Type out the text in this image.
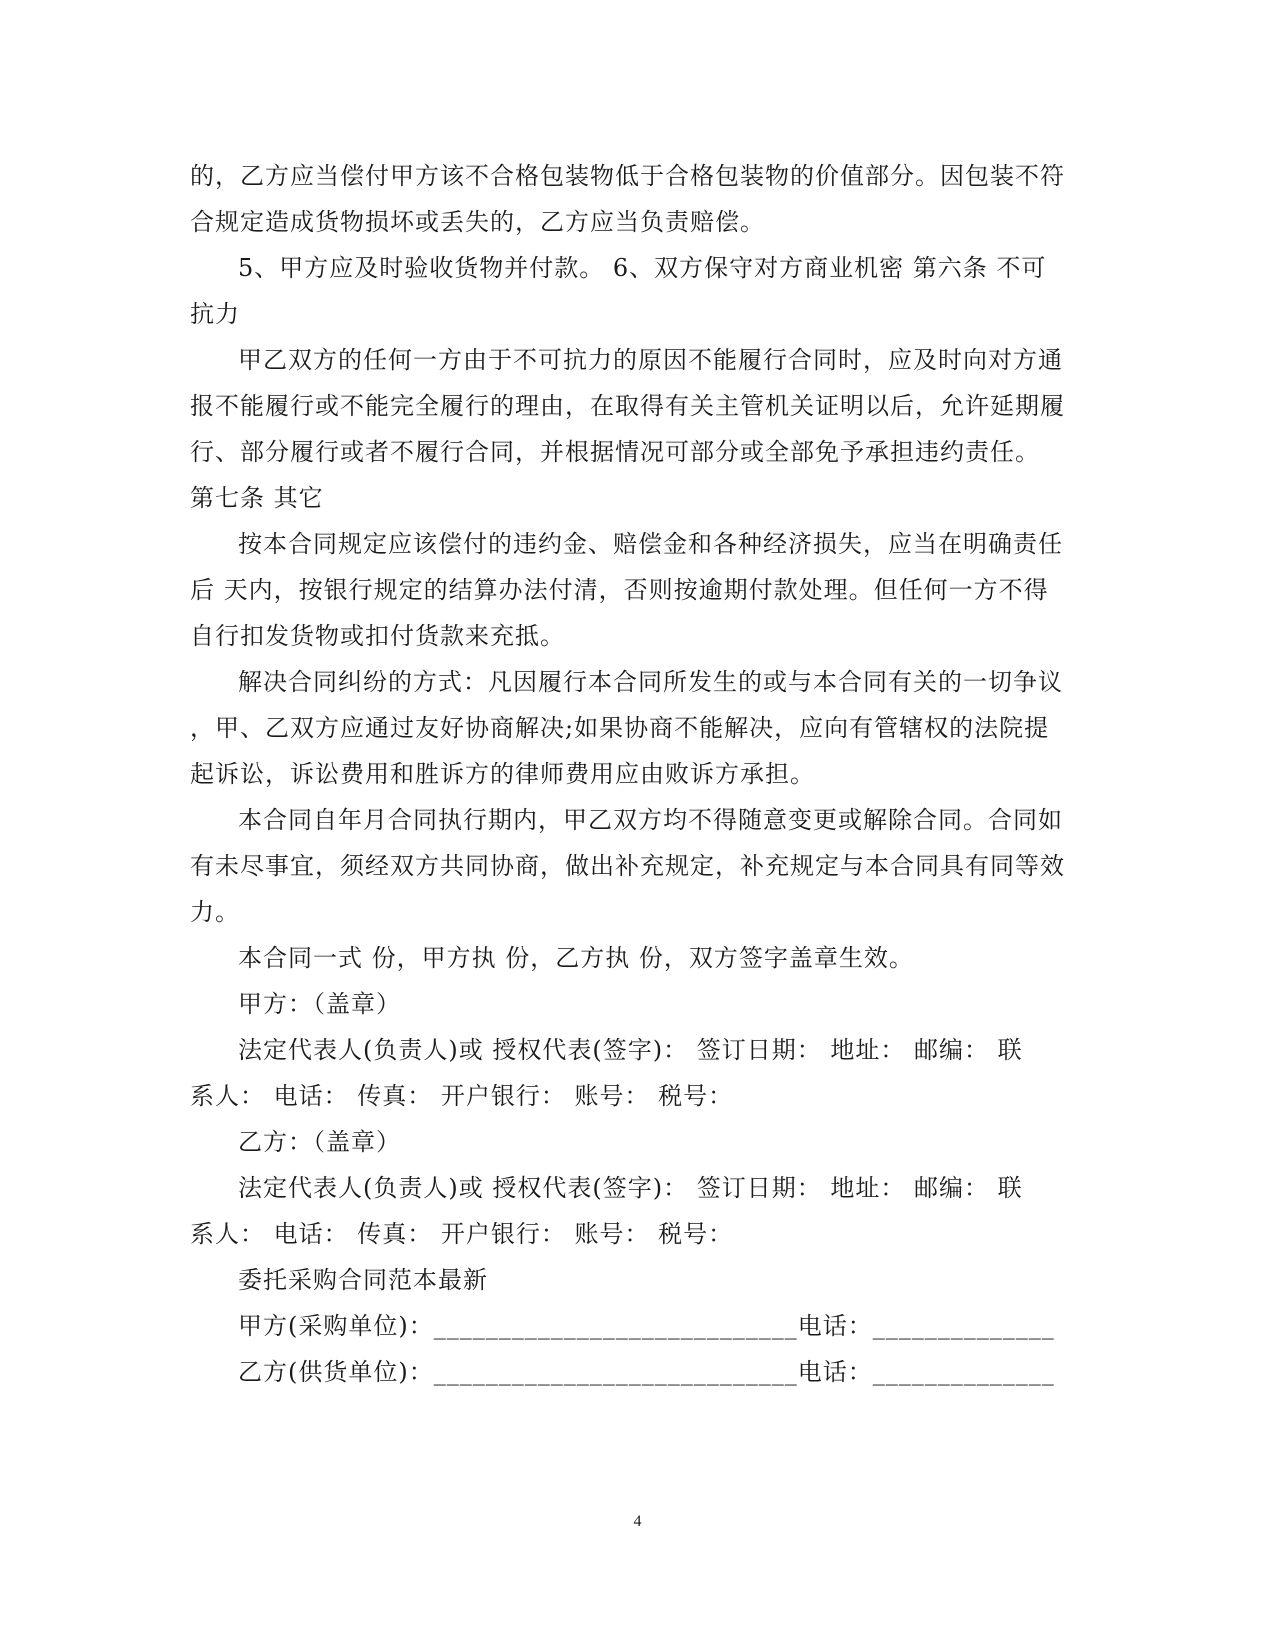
的，乙方应当偿付甲方该不合格包装物低于合格包装物的价值部分。因包装不符
合规定造成货物损坏或丢失的，乙方应当负责赔偿。
5、甲方应及时验收货物并付款。 6、双方保守对方商业机密 第六条 不可
抗力
甲乙双方的任何一方由于不可抗力的原因不能履行合同时，应及时向对方通
报不能履行或不能完全履行的理由，在取得有关主管机关证明以后，允许延期履
行、部分履行或者不履行合同，并根据情况可部分或全部免予承担违约责任。
第七条 其它
按本合同规定应该偿付的违约金、赔偿金和各种经济损失，应当在明确责任
后 天内，按银行规定的结算办法付清，否则按逾期付款处理。但任何一方不得
自行扣发货物或扣付货款来充抵。
解决合同纠纷的方式：凡因履行本合同所发生的或与本合同有关的一切争议
，甲、乙双方应通过友好协商解决;如果协商不能解决，应向有管辖权的法院提
起诉讼，诉讼费用和胜诉方的律师费用应由败诉方承担。
本合同自年月合同执行期内，甲乙双方均不得随意变更或解除合同。合同如
有未尽事宜，须经双方共同协商，做出补充规定，补充规定与本合同具有同等效
力。
本合同一式 份，甲方执 份，乙方执 份，双方签字盖章生效。
甲方：（盖章）
法定代表人(负责人)或 授权代表(签字)： 签订日期： 地址： 邮编： 联
系人： 电话： 传真： 开户银行： 账号： 税号：
乙方：（盖章）
法定代表人(负责人)或 授权代表(签字)： 签订日期： 地址： 邮编： 联
系人： 电话： 传真： 开户银行： 账号： 税号：
委托采购合同范本最新
甲方(采购单位)：____________________________电话：______________
乙方(供货单位)：____________________________电话：______________
4
